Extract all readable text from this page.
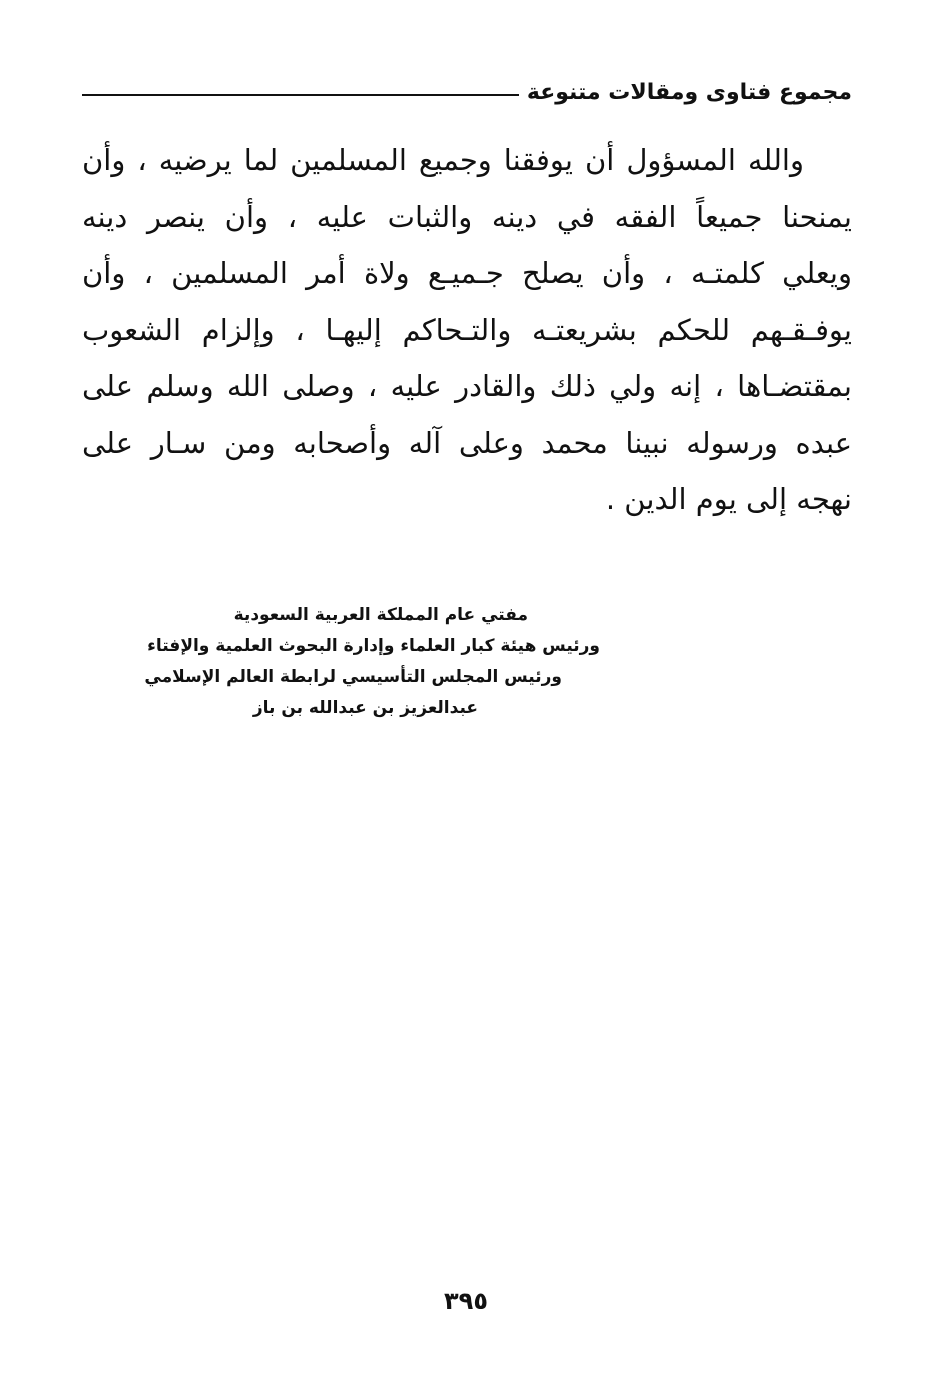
مجموع فتاوى ومقالات متنوعة
والله المسؤول أن يوفقنا وجميع المسلمين لما يرضيه ، وأن
يمنحنا جميعاً الفقه في دينه والثبات عليه ، وأن ينصر دينه
ويعلي كلمتـه ، وأن يصلح جـميـع ولاة أمر المسلمين ، وأن
يوفـقـهم للحكم بشريعتـه والتـحاكم إليهـا ، وإلزام الشعوب
بمقتضـاها ، إنه ولي ذلك والقادر عليه ، وصلى الله وسلم على
عبده ورسوله نبينا محمد وعلى آله وأصحابه ومن سـار على
نهجه إلى يوم الدين .
مفتي عام المملكة العربية السعودية
ورئيس هيئة كبار العلماء وإدارة البحوث العلمية والإفتاء
ورئيس المجلس التأسيسي لرابطة العالم الإسلامي
عبدالعزيز بن عبدالله بن باز
٣٩٥
